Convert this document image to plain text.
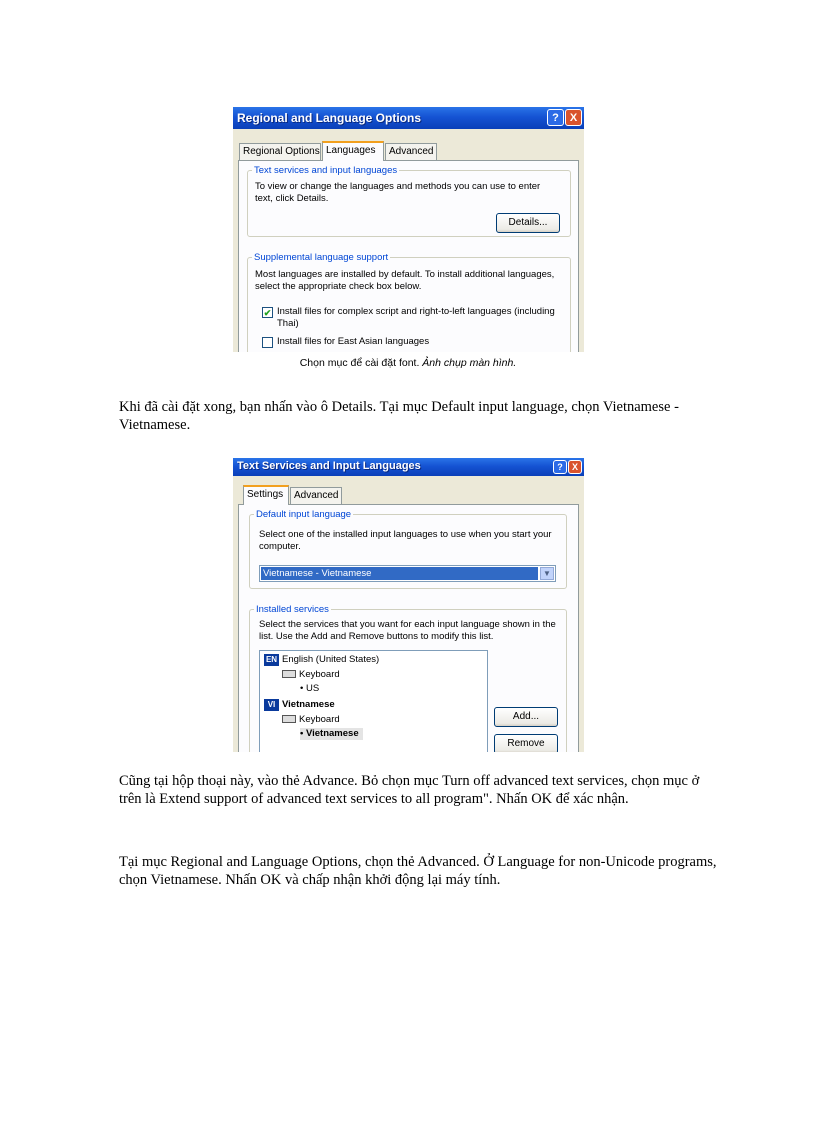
Regional and Language Options	? X
Regional Options Languages	Advanced
Text services and input languages
To view or change the languages and methods you can use to enter text, click Details.
Details...
Supplemental language support
Most languages are installed by default. To install additional languages, select the appropriate check box below.
✔ Install files for complex script and right-to-left languages (including Thai)
Install files for East Asian languages
Chọn mục để cài đặt font. Ảnh chụp màn hình.
Khi đã cài đặt xong, bạn nhấn vào ô Details. Tại mục Default input language, chọn Vietnamese - Vietnamese.
Text Services and Input Languages	?	X
Settings	Advanced
Default input language
Select one of the installed input languages to use when you start your computer.
Vietnamese - Vietnamese	▼
Installed services
Select the services that you want for each input language shown in the list. Use the Add and Remove buttons to modify this list.
EN English (United States)
Keyboard
• US
VI Vietnamese
Keyboard
• Vietnamese
Add...
Remove
Cũng tại hộp thoại này, vào thẻ Advance. Bỏ chọn mục Turn off advanced text services, chọn mục ở trên là Extend support of advanced text services to all program". Nhấn OK để xác nhận.
Tại mục Regional and Language Options, chọn thẻ Advanced. Ở Language for non-Unicode programs, chọn Vietnamese. Nhấn OK và chấp nhận khởi động lại máy tính.
